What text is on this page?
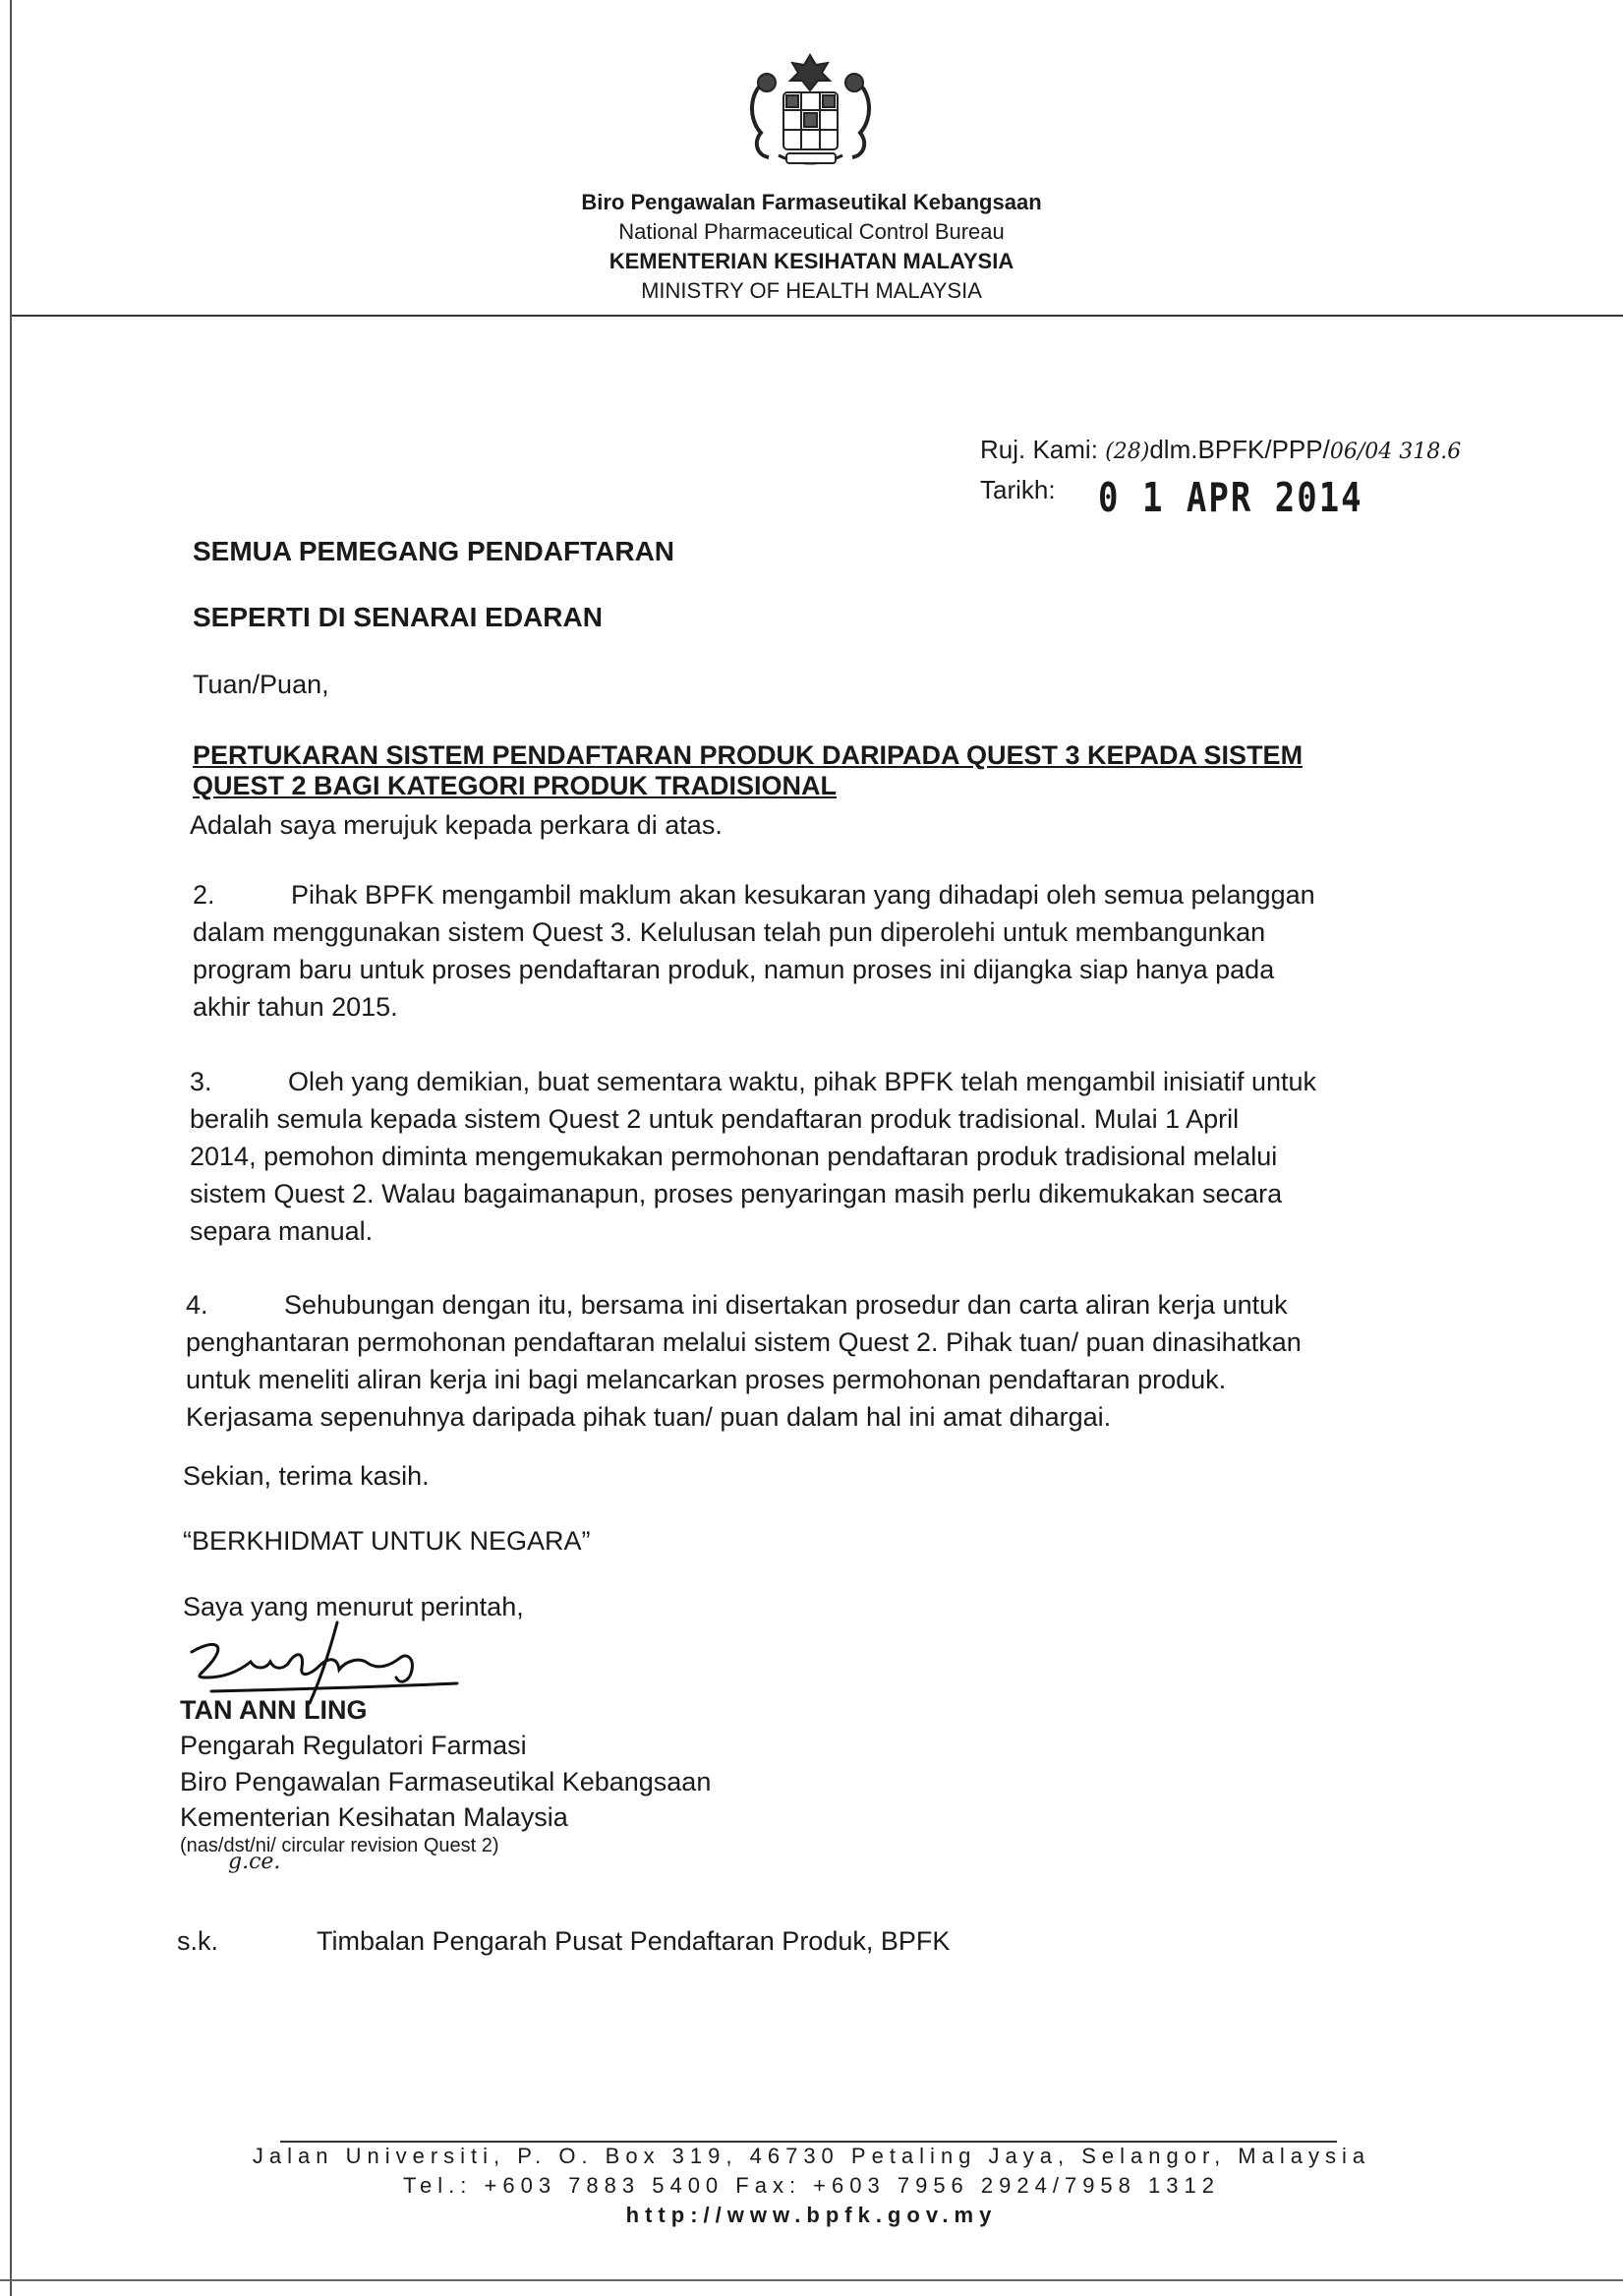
Biro Pengawalan Farmaseutikal Kebangsaan
National Pharmaceutical Control Bureau
KEMENTERIAN KESIHATAN MALAYSIA
MINISTRY OF HEALTH MALAYSIA
Ruj. Kami: (28)dlm.BPFK/PPP/06/04 318.6
Tarikh: 0 1 APR 2014
SEMUA PEMEGANG PENDAFTARAN
SEPERTI DI SENARAI EDARAN
Tuan/Puan,
PERTUKARAN SISTEM PENDAFTARAN PRODUK DARIPADA QUEST 3 KEPADA SISTEM
QUEST 2 BAGI KATEGORI PRODUK TRADISIONAL
Adalah saya merujuk kepada perkara di atas.
2.	Pihak BPFK mengambil maklum akan kesukaran yang dihadapi oleh semua pelanggan
dalam menggunakan sistem Quest 3. Kelulusan telah pun diperolehi untuk membangunkan
program baru untuk proses pendaftaran produk, namun proses ini dijangka siap hanya pada
akhir tahun 2015.
3.	Oleh yang demikian, buat sementara waktu, pihak BPFK telah mengambil inisiatif untuk
beralih semula kepada sistem Quest 2 untuk pendaftaran produk tradisional. Mulai 1 April
2014, pemohon diminta mengemukakan permohonan pendaftaran produk tradisional melalui
sistem Quest 2. Walau bagaimanapun, proses penyaringan masih perlu dikemukakan secara
separa manual.
4.	Sehubungan dengan itu, bersama ini disertakan prosedur dan carta aliran kerja untuk
penghantaran permohonan pendaftaran melalui sistem Quest 2. Pihak tuan/ puan dinasihatkan
untuk meneliti aliran kerja ini bagi melancarkan proses permohonan pendaftaran produk.
Kerjasama sepenuhnya daripada pihak tuan/ puan dalam hal ini amat dihargai.
Sekian, terima kasih.
“BERKHIDMAT UNTUK NEGARA”
Saya yang menurut perintah,
TAN ANN LING
Pengarah Regulatori Farmasi
Biro Pengawalan Farmaseutikal Kebangsaan
Kementerian Kesihatan Malaysia
(nas/dst/ni/ circular revision Quest 2)
g.ce.
s.k.	Timbalan Pengarah Pusat Pendaftaran Produk, BPFK
Jalan Universiti, P. O. Box 319, 46730 Petaling Jaya, Selangor, Malaysia
Tel.: +603 7883 5400 Fax: +603 7956 2924/7958 1312
http://www.bpfk.gov.my
